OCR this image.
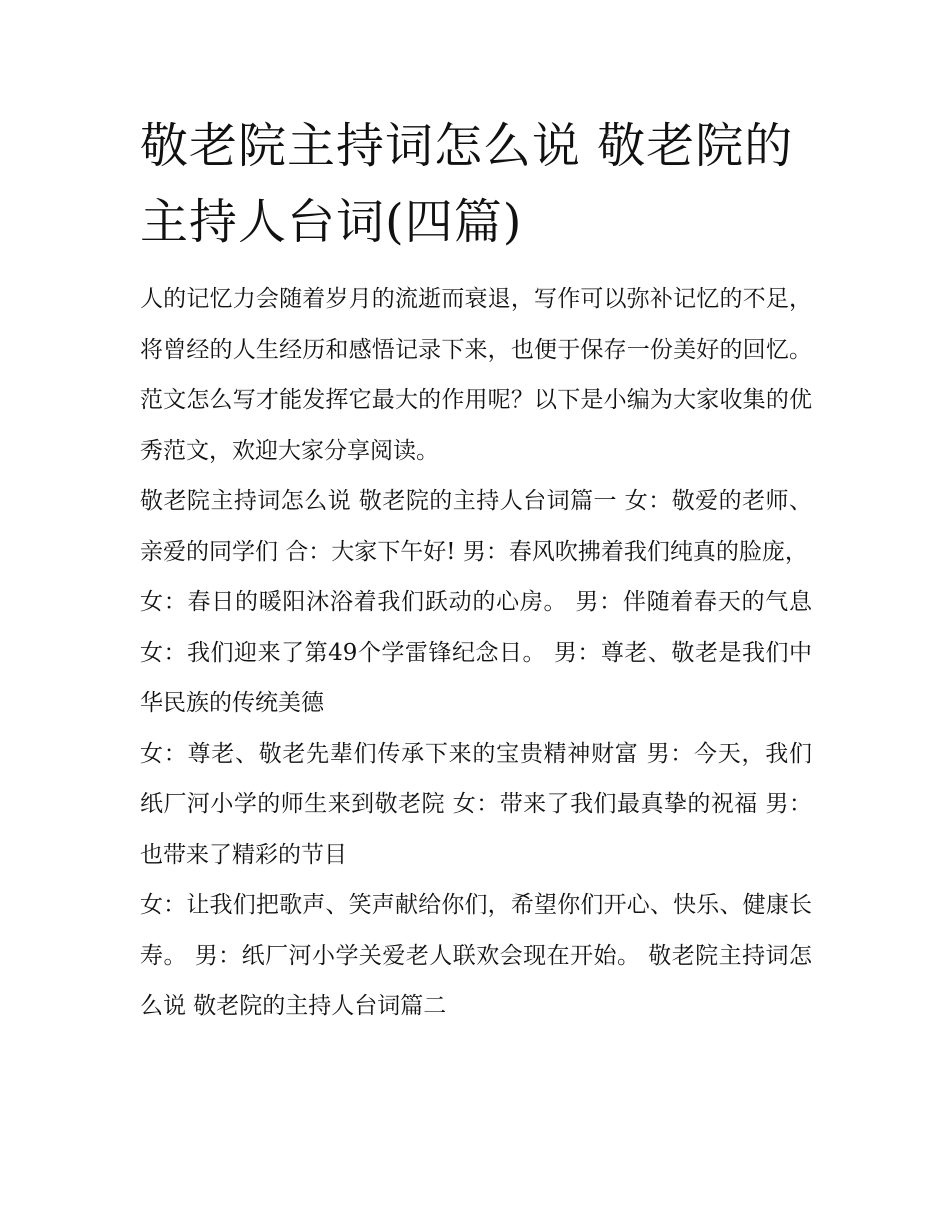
敬老院主持词怎么说 敬老院的主持人台词(四篇)

人的记忆力会随着岁月的流逝而衰退，写作可以弥补记忆的不足，将曾经的人生经历和感悟记录下来，也便于保存一份美好的回忆。范文怎么写才能发挥它最大的作用呢？以下是小编为大家收集的优秀范文，欢迎大家分享阅读。

敬老院主持词怎么说 敬老院的主持人台词篇一 女：敬爱的老师、亲爱的同学们 合：大家下午好! 男：春风吹拂着我们纯真的脸庞，

女：春日的暖阳沐浴着我们跃动的心房。 男：伴随着春天的气息 女：我们迎来了第49个学雷锋纪念日。 男：尊老、敬老是我们中华民族的传统美德

女：尊老、敬老先辈们传承下来的宝贵精神财富 男：今天，我们纸厂河小学的师生来到敬老院 女：带来了我们最真挚的祝福 男：也带来了精彩的节目

女：让我们把歌声、笑声献给你们，希望你们开心、快乐、健康长寿。 男：纸厂河小学关爱老人联欢会现在开始。 敬老院主持词怎么说 敬老院的主持人台词篇二
